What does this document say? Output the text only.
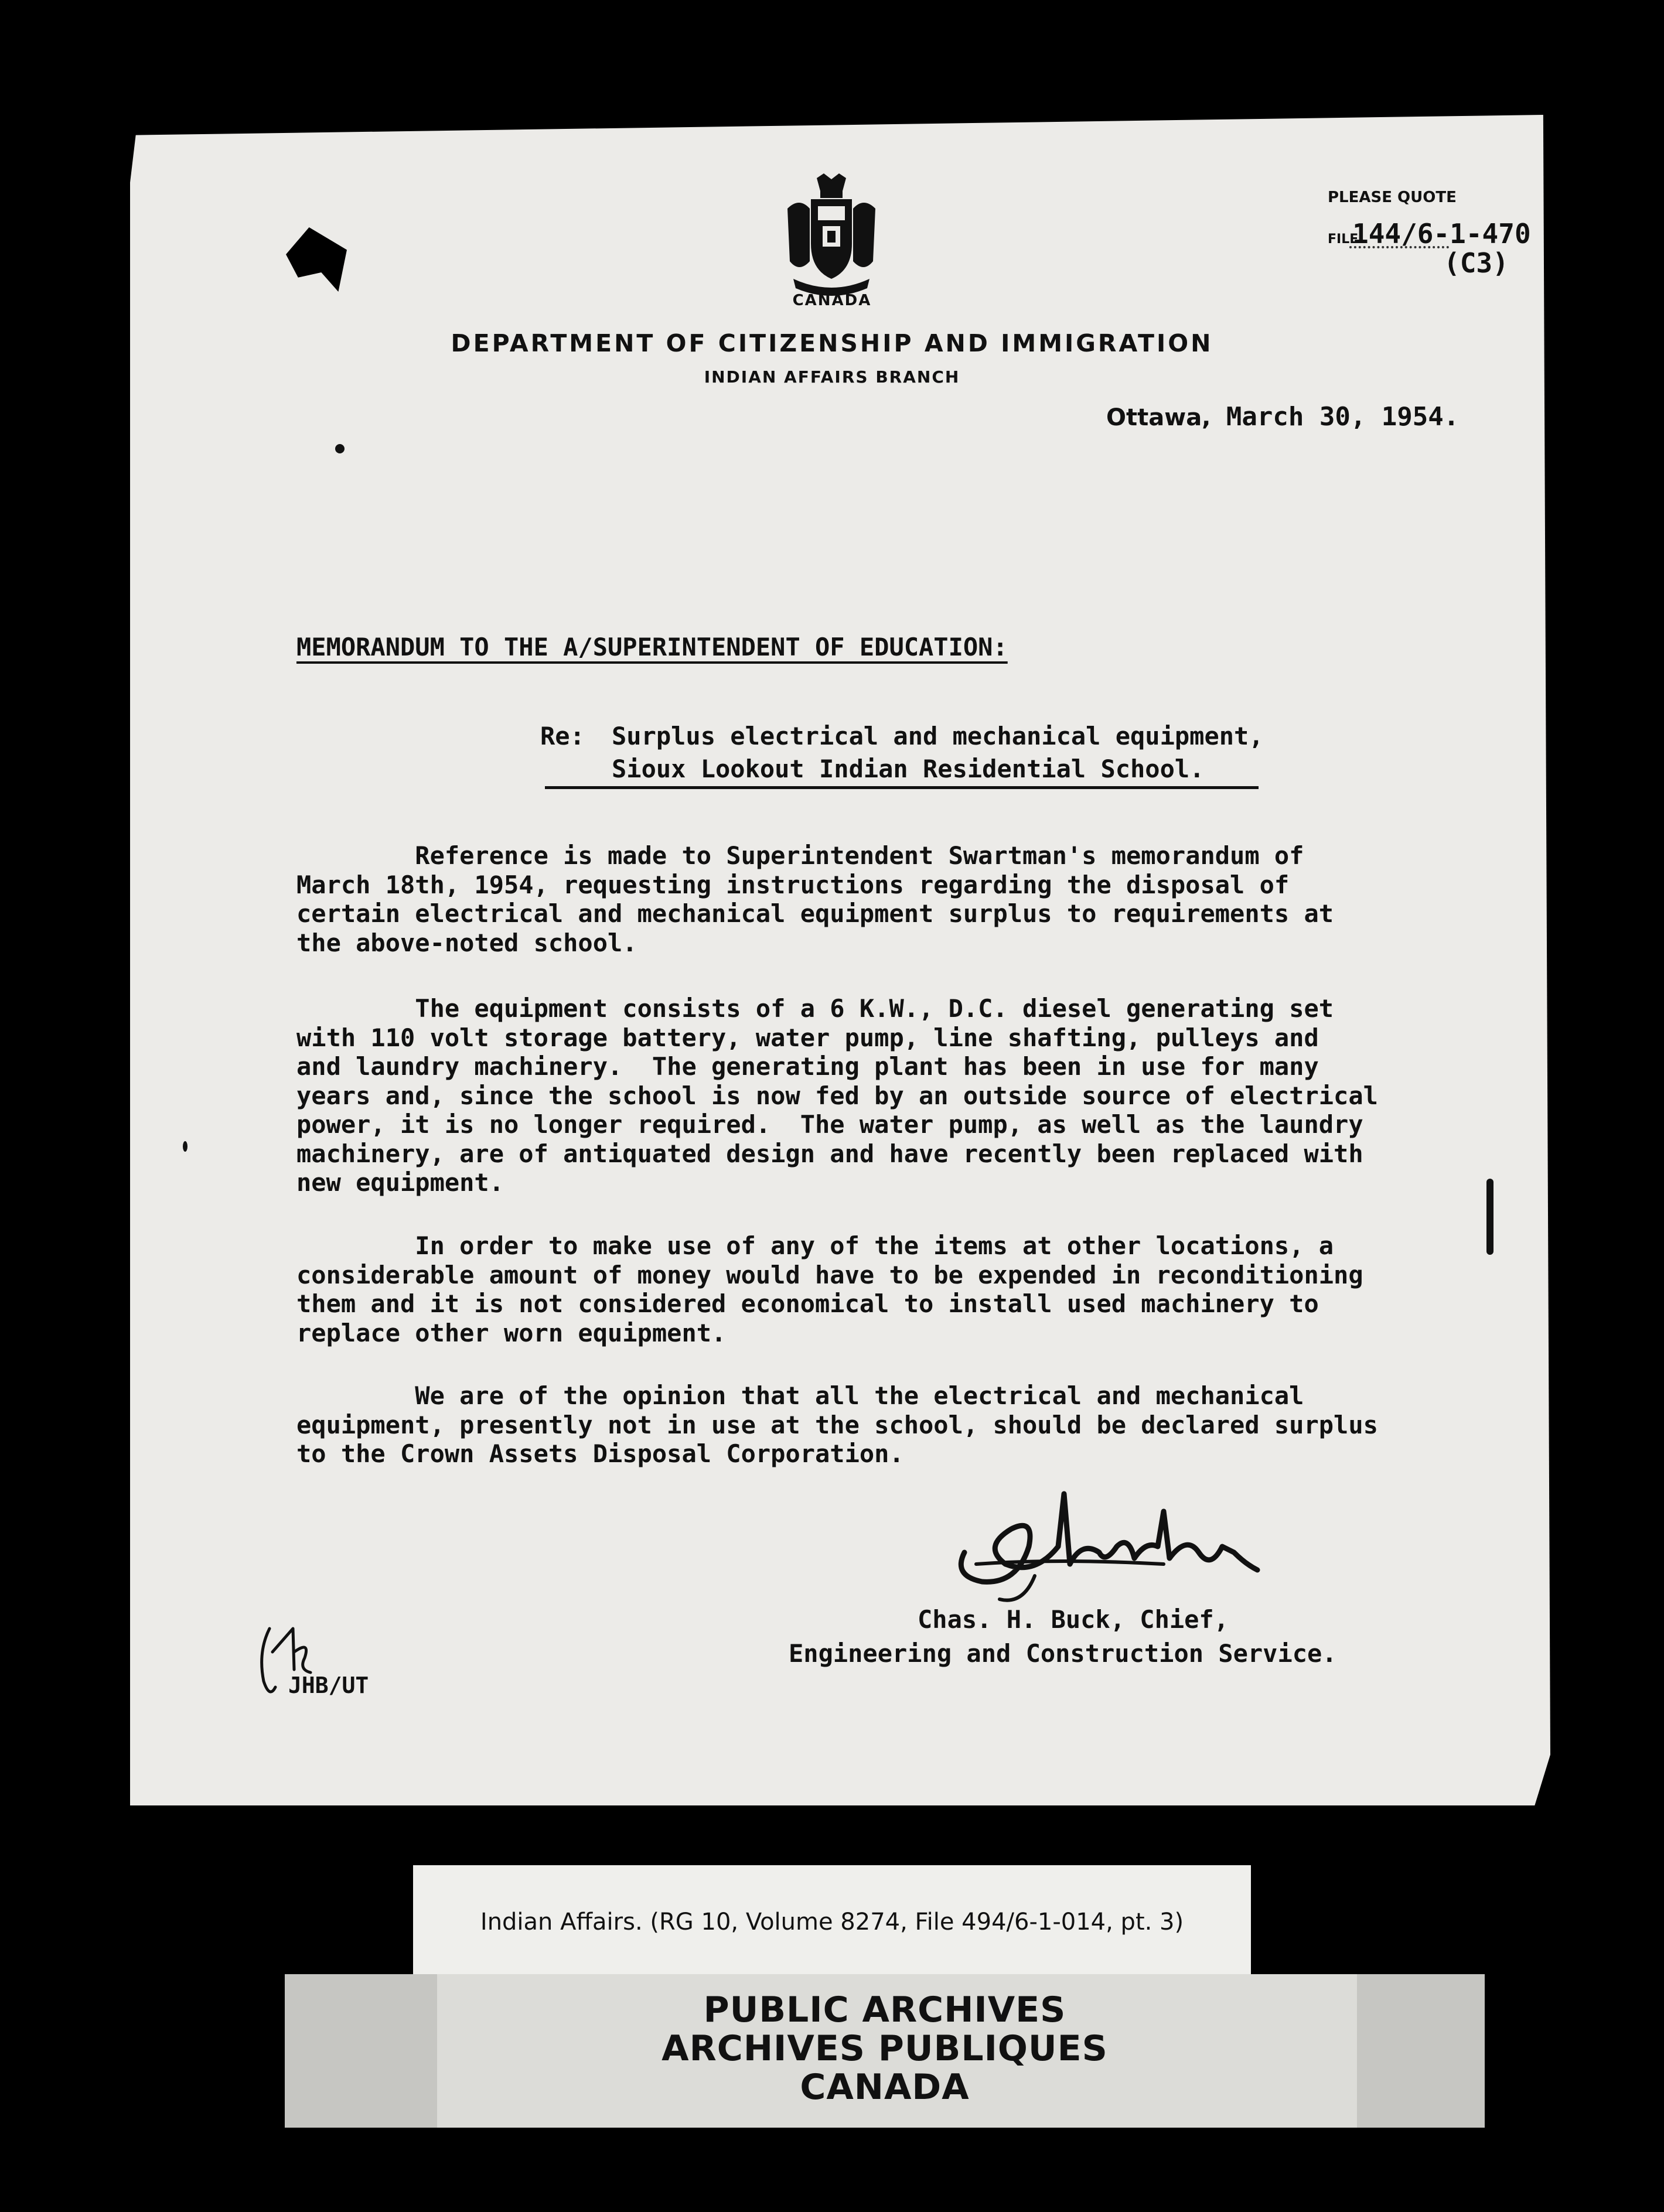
CANADA
DEPARTMENT OF CITIZENSHIP AND IMMIGRATION
INDIAN AFFAIRS BRANCH
PLEASE QUOTE
FILE
144/6-1-470
(C3)
Ottawa, March 30, 1954.
MEMORANDUM TO THE A/SUPERINTENDENT OF EDUCATION:
Re: Surplus electrical and mechanical equipment,
Sioux Lookout Indian Residential School.
Reference is made to Superintendent Swartman's memorandum of
March 18th, 1954, requesting instructions regarding the disposal of
certain electrical and mechanical equipment surplus to requirements at
the above-noted school.
The equipment consists of a 6 K.W., D.C. diesel generating set
with 110 volt storage battery, water pump, line shafting, pulleys and
and laundry machinery.  The generating plant has been in use for many
years and, since the school is now fed by an outside source of electrical
power, it is no longer required.  The water pump, as well as the laundry
machinery, are of antiquated design and have recently been replaced with
new equipment.
In order to make use of any of the items at other locations, a
considerable amount of money would have to be expended in reconditioning
them and it is not considered economical to install used machinery to
replace other worn equipment.
We are of the opinion that all the electrical and mechanical
equipment, presently not in use at the school, should be declared surplus
to the Crown Assets Disposal Corporation.
Chas. H. Buck, Chief,
Engineering and Construction Service.
JHB/UT
Indian Affairs. (RG 10, Volume 8274, File 494/6-1-014, pt. 3)
PUBLIC ARCHIVES
ARCHIVES PUBLIQUES
CANADA
